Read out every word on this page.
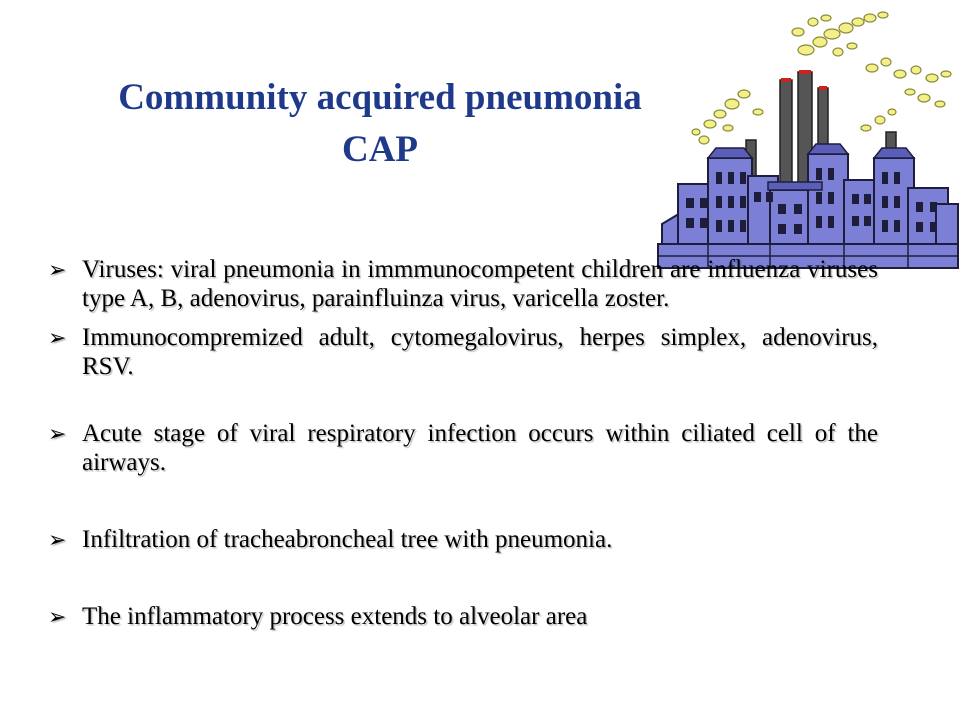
Community acquired pneumonia
CAP
➢ Viruses: viral pneumonia in immmunocompetent children are influenza viruses type A, B, adenovirus, parainfluinza virus, varicella zoster.
➢ Immunocompremized adult, cytomegalovirus, herpes simplex, adenovirus, RSV.
➢ Acute stage of viral respiratory infection occurs within ciliated cell of the airways.
➢ Infiltration of tracheabroncheal tree with pneumonia.
➢ The inflammatory process extends to alveolar area
